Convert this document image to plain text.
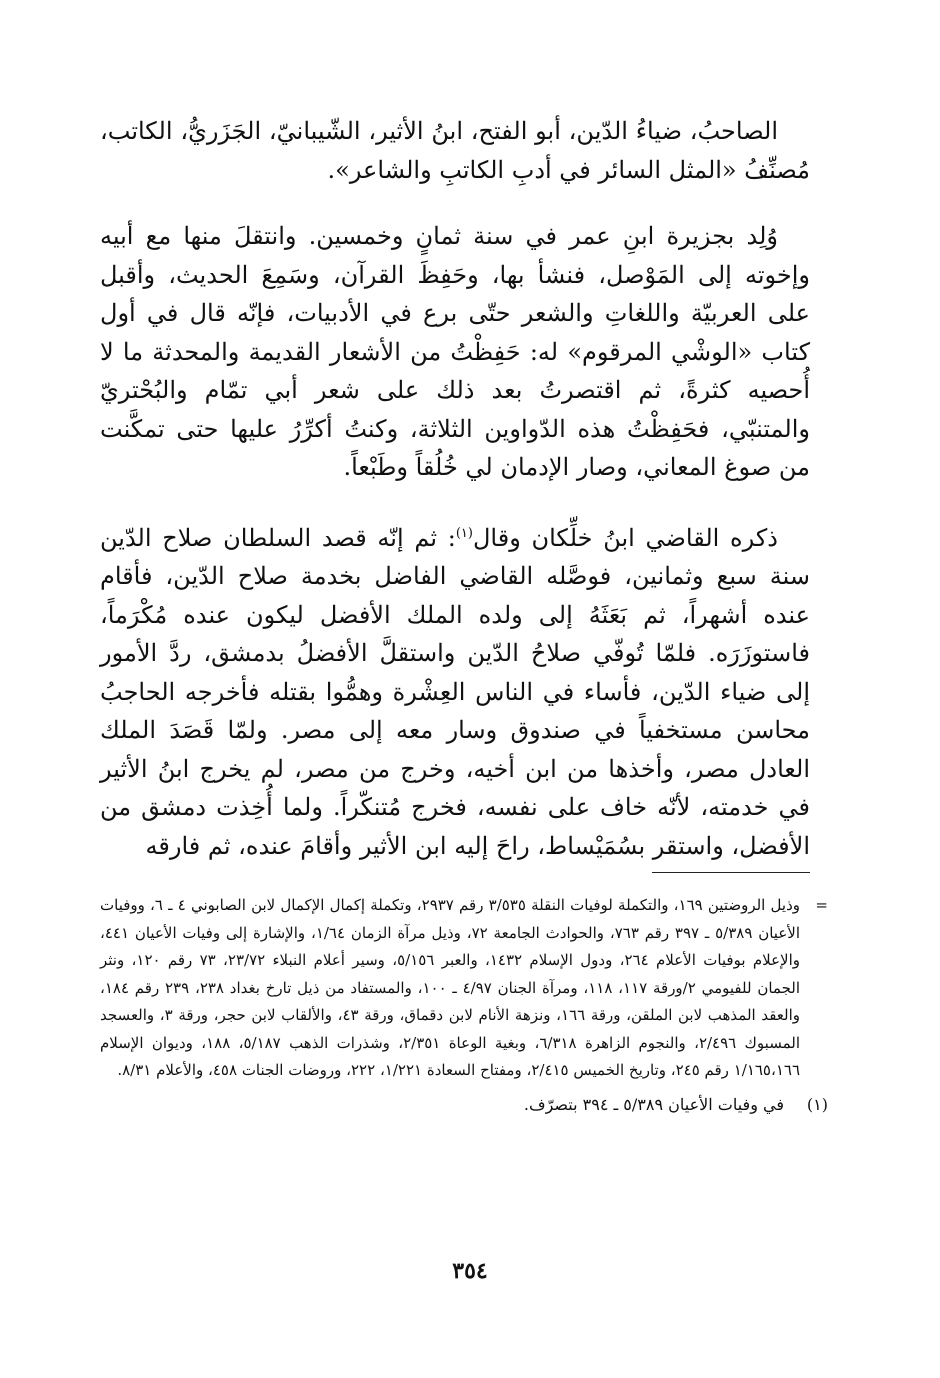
الصاحبُ، ضياءُ الدّين، أبو الفتح، ابنُ الأثير، الشّيبانيّ، الجَزَريُّ، الكاتب، مُصنِّفُ «المثل السائر في أدبِ الكاتبِ والشاعر».

وُلِد بجزيرة ابنِ عمر في سنة ثمانٍ وخمسين. وانتقلَ منها مع أبيه وإخوته إلى المَوْصل، فنشأ بها، وحَفِظَ القرآن، وسَمِعَ الحديث، وأقبل على العربيّة واللغاتِ والشعر حتّى برع في الأدبيات، فإنّه قال في أول كتاب «الوشْي المرقوم» له: حَفِظْتُ من الأشعار القديمة والمحدثة ما لا أُحصيه كثرةً، ثم اقتصرتُ بعد ذلك على شعر أبي تمّام والبُحْتريّ والمتنبّي، فحَفِظْتُ هذه الدّواوين الثلاثة، وكنتُ أكرِّرُ عليها حتى تمكَّنت من صوغ المعاني، وصار الإدمان لي خُلُقاً وطَبْعاً.

ذكره القاضي ابنُ خلِّكان وقال$^{(١)}$: ثم إنّه قصد السلطان صلاح الدّين سنة سبع وثمانين، فوصَّله القاضي الفاضل بخدمة صلاح الدّين، فأقام عنده أشهراً، ثم بَعَثَهُ إلى ولده الملك الأفضل ليكون عنده مُكْرَماً، فاستوزَرَه. فلمّا تُوفّي صلاحُ الدّين واستقلَّ الأفضلُ بدمشق، ردَّ الأمور إلى ضياء الدّين، فأساء في الناس العِشْرة وهمُّوا بقتله فأخرجه الحاجبُ محاسن مستخفياً في صندوق وسار معه إلى مصر. ولمّا قَصَدَ الملك العادل مصر، وأخذها من ابن أخيه، وخرج من مصر، لم يخرج ابنُ الأثير في خدمته، لأنّه خاف على نفسه، فخرج مُتنكّراً. ولما أُخِذت دمشق من الأفضل، واستقر بسُمَيْساط، راحَ إليه ابن الأثير وأقامَ عنده، ثم فارقه

=
وذيل الروضتين ١٦٩، والتكملة لوفيات النقلة ٣/٥٣٥ رقم ٢٩٣٧، وتكملة إكمال الإكمال لابن الصابوني ٤ ـ ٦، ووفيات الأعيان ٥/٣٨٩ ـ ٣٩٧ رقم ٧٦٣، والحوادث الجامعة ٧٢، وذيل مرآة الزمان ١/٦٤، والإشارة إلى وفيات الأعيان ٤٤١، والإعلام بوفيات الأعلام ٢٦٤، ودول الإسلام ١٤٣٢، والعبر ٥/١٥٦، وسير أعلام النبلاء ٢٣/٧٢، ٧٣ رقم ١٢٠، ونثر الجمان للفيومي ٢/ورقة ١١٧، ١١٨، ومرآة الجنان ٤/٩٧ ـ ١٠٠، والمستفاد من ذيل تارخ بغداد ٢٣٨، ٢٣٩ رقم ١٨٤، والعقد المذهب لابن الملقن، ورقة ١٦٦، ونزهة الأنام لابن دقماق، ورقة ٤٣، والألقاب لابن حجر، ورقة ٣، والعسجد المسبوك ٢/٤٩٦، والنجوم الزاهرة ٦/٣١٨، وبغية الوعاة ٢/٣٥١، وشذرات الذهب ٥/١٨٧، ١٨٨، وديوان الإسلام ١/١٦٥،١٦٦ رقم ٢٤٥، وتاريخ الخميس ٢/٤١٥، ومفتاح السعادة ١/٢٢١، ٢٢٢، وروضات الجنات ٤٥٨، والأعلام ٨/٣١.
(١)
في وفيات الأعيان ٥/٣٨٩ ـ ٣٩٤ بتصرّف.
٣٥٤
